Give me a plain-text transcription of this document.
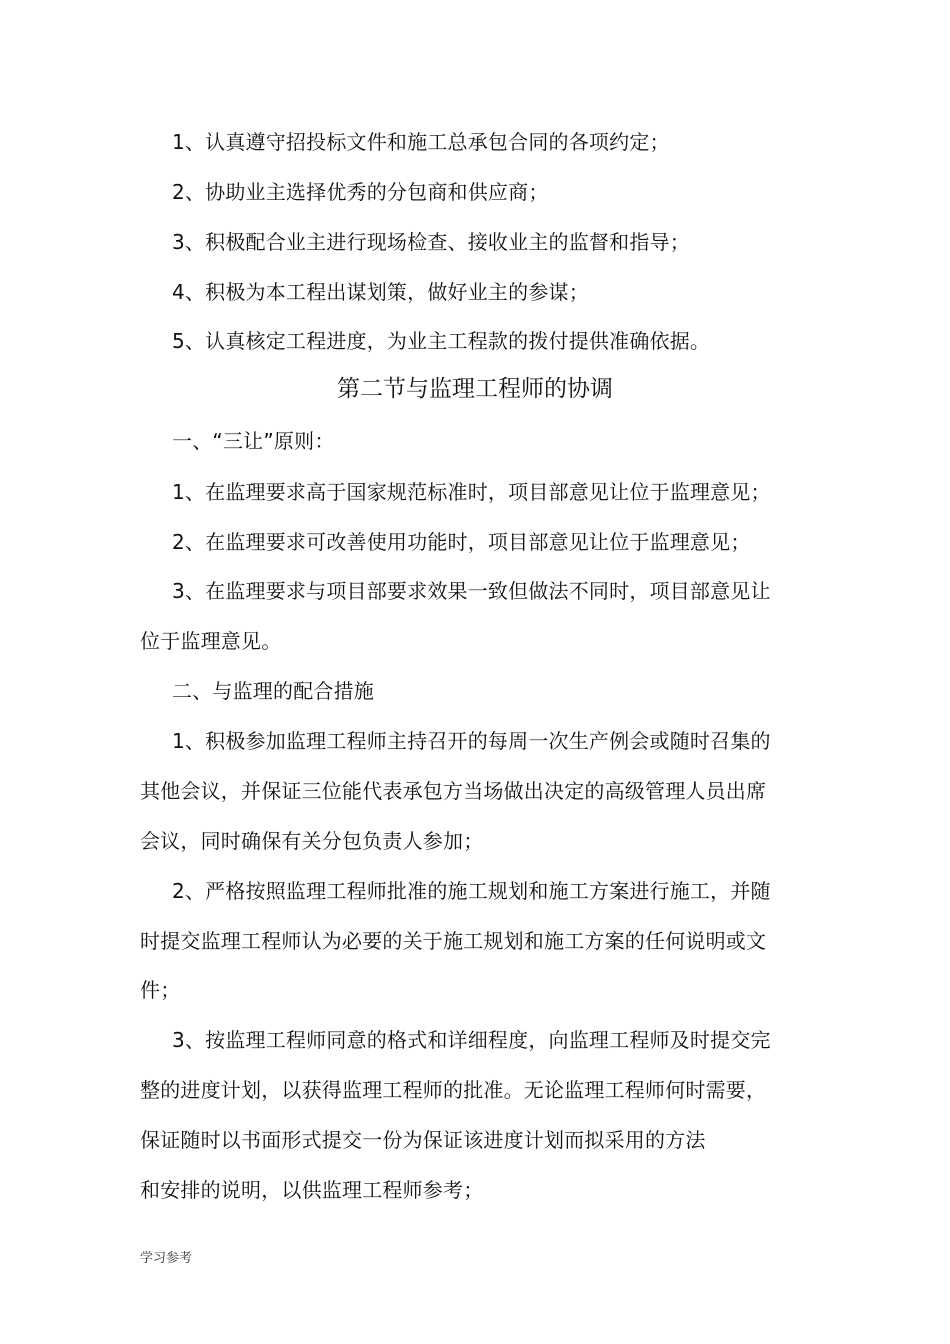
1、认真遵守招投标文件和施工总承包合同的各项约定；
2、协助业主选择优秀的分包商和供应商；
3、积极配合业主进行现场检查、接收业主的监督和指导；
4、积极为本工程出谋划策，做好业主的参谋；
5、认真核定工程进度，为业主工程款的拨付提供准确依据。
第二节与监理工程师的协调
一、“三让”原则：
1、在监理要求高于国家规范标准时，项目部意见让位于监理意见；
2、在监理要求可改善使用功能时，项目部意见让位于监理意见；
3、在监理要求与项目部要求效果一致但做法不同时，项目部意见让
位于监理意见。
二、与监理的配合措施
1、积极参加监理工程师主持召开的每周一次生产例会或随时召集的
其他会议，并保证三位能代表承包方当场做出决定的高级管理人员出席
会议，同时确保有关分包负责人参加；
2、严格按照监理工程师批准的施工规划和施工方案进行施工，并随
时提交监理工程师认为必要的关于施工规划和施工方案的任何说明或文
件；
3、按监理工程师同意的格式和详细程度，向监理工程师及时提交完
整的进度计划，以获得监理工程师的批准。无论监理工程师何时需要，
保证随时以书面形式提交一份为保证该进度计划而拟采用的方法
和安排的说明，以供监理工程师参考；
学习参考
